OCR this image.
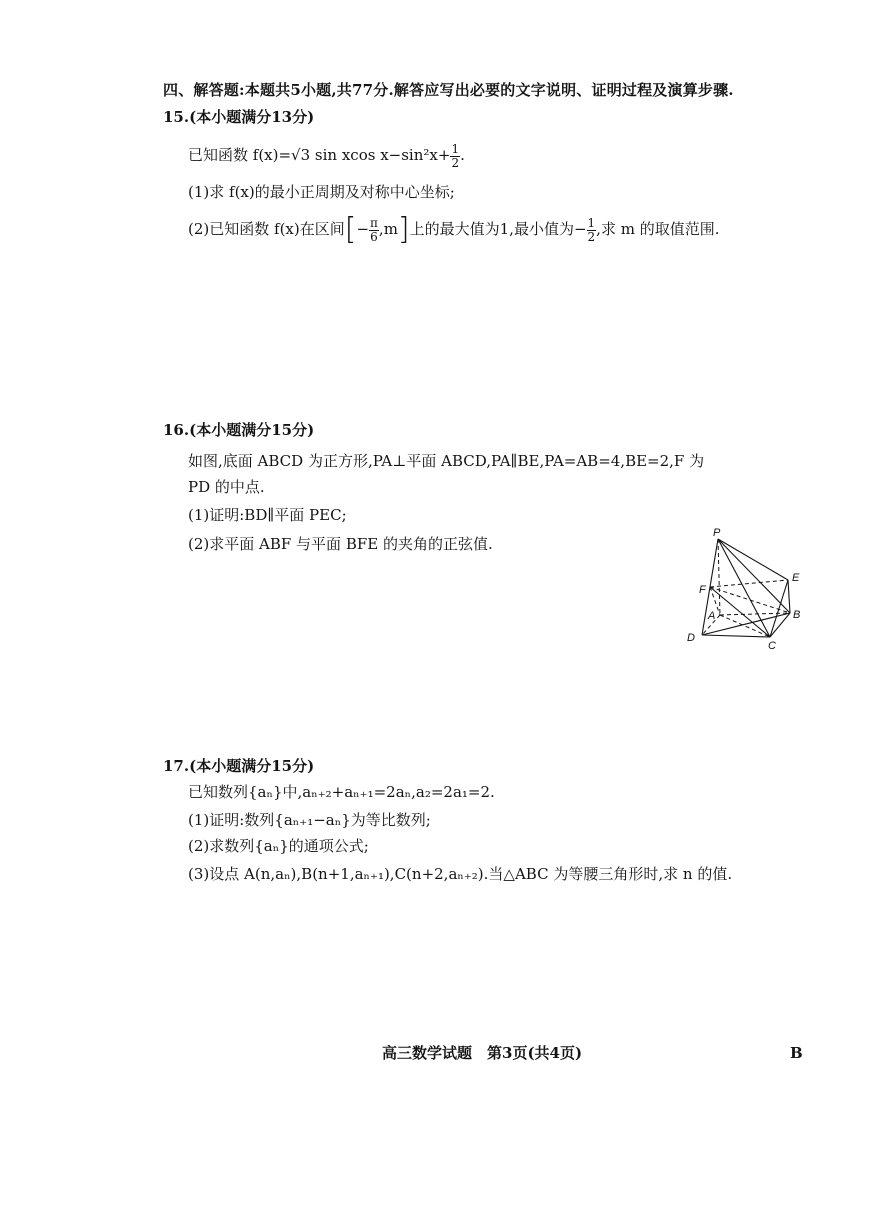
四、解答题:本题共5小题,共77分.解答应写出必要的文字说明、证明过程及演算步骤.
15.(本小题满分13分)
已知函数 f(x)=√3 sin xcos $x-\sin^2x+ \frac{1}{2}$ .
(1)求 f(x)的最小正周期及对称中心坐标;
(2)已知函数 f(x)在区间[− $\frac{\pi}{6} ,m$]上的最大值为1,最小值为− $\frac{1}{2}$ ,求 m 的取值范围.
16.(本小题满分15分)
如图,底面 ABCD 为正方形,PA⊥平面 ABCD,PA∥BE,PA=AB=4,BE=2,F 为
PD 的中点.
(1)证明:BD∥平面 PEC;
(2)求平面 ABF 与平面 BFE 的夹角的正弦值.
P
E
F
A	B
C
D
17.(本小题满分15分)
已知数列{aₙ}中,aₙ₊₂+aₙ₊₁=2aₙ,a₂=2a₁=2.
(1)证明:数列{aₙ₊₁−aₙ}为等比数列;
(2)求数列{aₙ}的通项公式;
(3)设点 A(n,aₙ),B(n+1,aₙ₊₁),C(n+2,aₙ₊₂).当△ABC 为等腰三角形时,求 n 的值.
高三数学试题　第3页(共4页)	B
